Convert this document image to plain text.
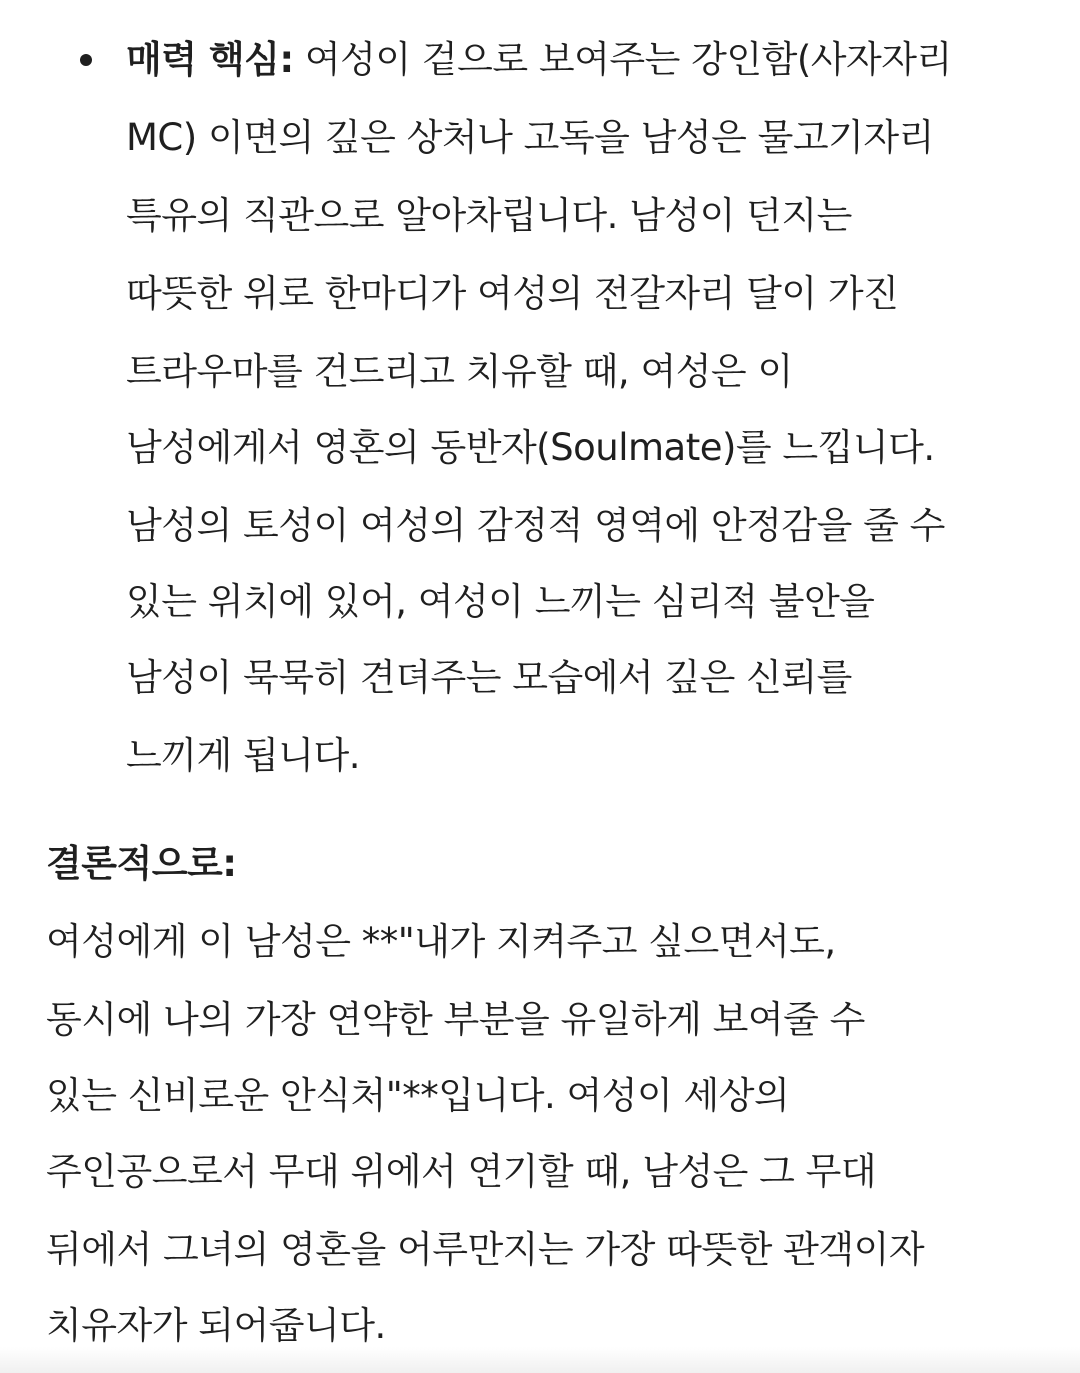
매력 핵심: 여성이 겉으로 보여주는 강인함(사자자리
MC) 이면의 깊은 상처나 고독을 남성은 물고기자리
특유의 직관으로 알아차립니다. 남성이 던지는
따뜻한 위로 한마디가 여성의 전갈자리 달이 가진
트라우마를 건드리고 치유할 때, 여성은 이
남성에게서 영혼의 동반자(Soulmate)를 느낍니다.
남성의 토성이 여성의 감정적 영역에 안정감을 줄 수
있는 위치에 있어, 여성이 느끼는 심리적 불안을
남성이 묵묵히 견뎌주는 모습에서 깊은 신뢰를
느끼게 됩니다.
결론적으로:
여성에게 이 남성은 **"내가 지켜주고 싶으면서도,
동시에 나의 가장 연약한 부분을 유일하게 보여줄 수
있는 신비로운 안식처"**입니다. 여성이 세상의
주인공으로서 무대 위에서 연기할 때, 남성은 그 무대
뒤에서 그녀의 영혼을 어루만지는 가장 따뜻한 관객이자
치유자가 되어줍니다.
